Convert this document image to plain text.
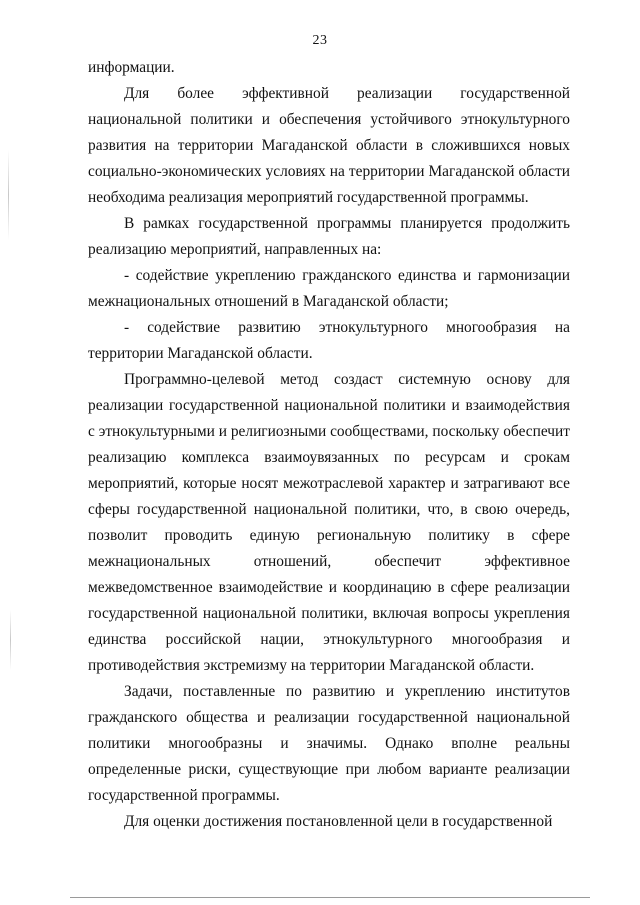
23

информации.

Для более эффективной реализации государственной национальной политики и обеспечения устойчивого этнокультурного развития на территории Магаданской области в сложившихся новых социально-экономических условиях на территории Магаданской области необходима реализация мероприятий государственной программы.

В рамках государственной программы планируется продолжить реализацию мероприятий, направленных на:

- содействие укреплению гражданского единства и гармонизации межнациональных отношений в Магаданской области;

- содействие развитию этнокультурного многообразия на территории Магаданской области.

Программно-целевой метод создаст системную основу для реализации государственной национальной политики и взаимодействия с этнокультурными и религиозными сообществами, поскольку обеспечит реализацию комплекса взаимоувязанных по ресурсам и срокам мероприятий, которые носят межотраслевой характер и затрагивают все сферы государственной национальной политики, что, в свою очередь, позволит проводить единую региональную политику в сфере межнациональных отношений, обеспечит эффективное межведомственное взаимодействие и координацию в сфере реализации государственной национальной политики, включая вопросы укрепления единства российской нации, этнокультурного многообразия и противодействия экстремизму на территории Магаданской области.

Задачи, поставленные по развитию и укреплению институтов гражданского общества и реализации государственной национальной политики многообразны и значимы. Однако вполне реальны определенные риски, существующие при любом варианте реализации государственной программы.

Для оценки достижения постановленной цели в государственной
